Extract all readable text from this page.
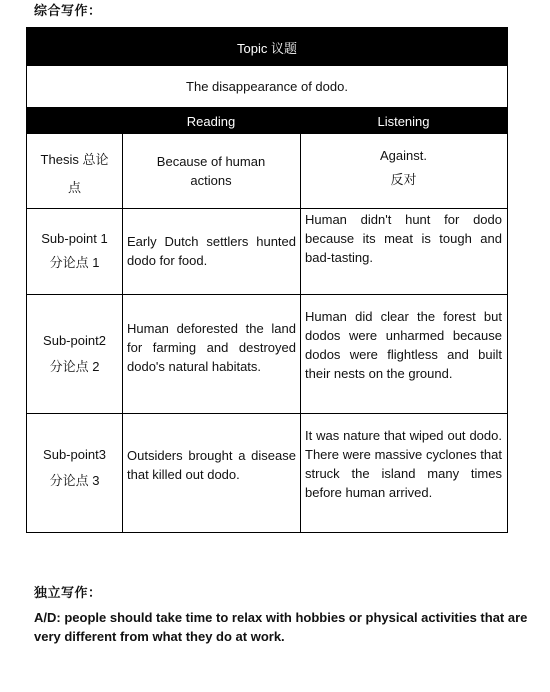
综合写作：
Topic 议题
The disappearance of dodo.
Reading	Listening
Thesis 总论
点
Because of human actions
Against.
反对
Sub-point 1
分论点 1
Early Dutch settlers hunted dodo for food.
Human didn't hunt for dodo because its meat is tough and bad-tasting.
Sub-point2
分论点 2
Human deforested the land for farming and destroyed dodo's natural habitats.
Human did clear the forest but dodos were unharmed because dodos were flightless and built their nests on the ground.
Sub-point3
分论点 3
Outsiders brought a disease that killed out dodo.
It was nature that wiped out dodo. There were massive cyclones that struck the island many times before human arrived.
独立写作：
A/D: people should take time to relax with hobbies or physical activities that are very different from what they do at work.
